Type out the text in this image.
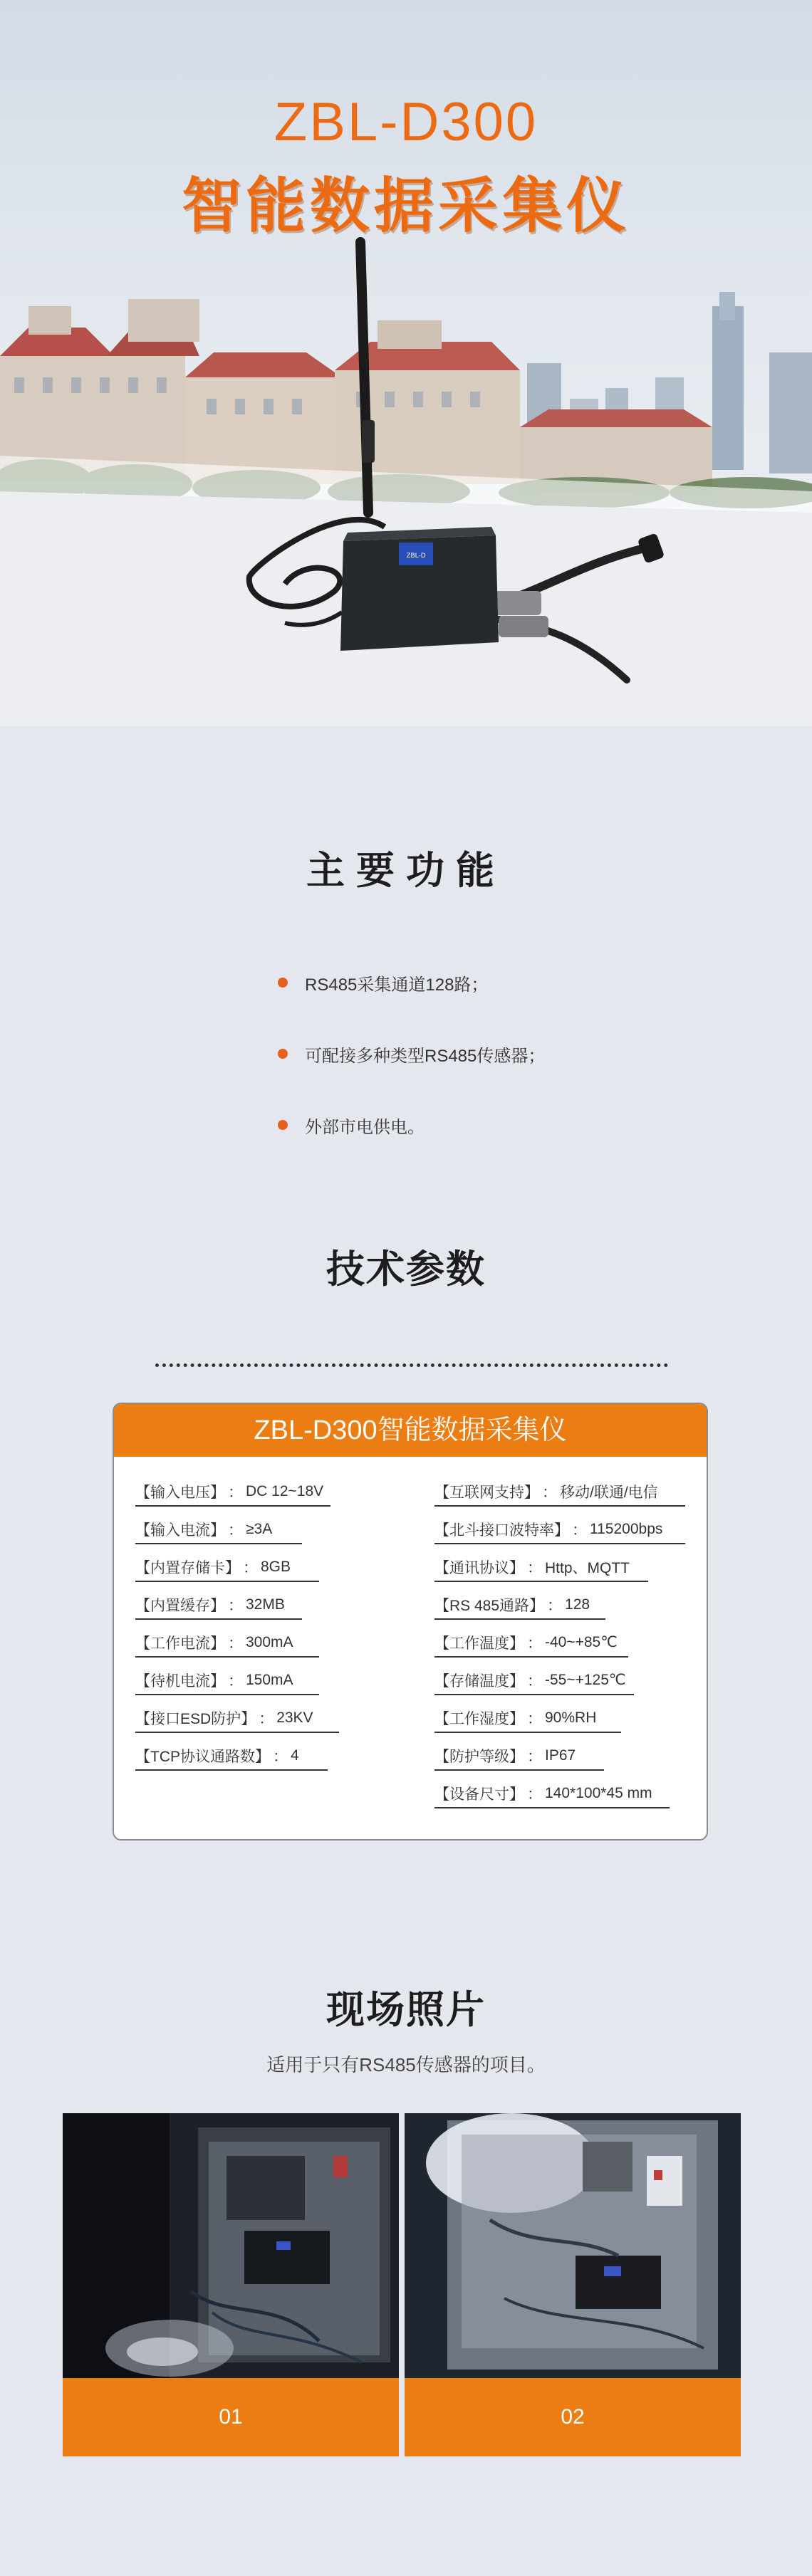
ZBL-D300
智能数据采集仪
ZBL-D
主要功能
RS485采集通道128路；
可配接多种类型RS485传感器；
外部市电供电。
技术参数
ZBL-D300智能数据采集仪
【输入电压】 ： DC 12~18V
【输入电流】 ： ≥3A
【内置存储卡】 ： 8GB
【内置缓存】 ： 32MB
【工作电流】 ： 300mA
【待机电流】 ： 150mA
【接口ESD防护】 ： 23KV
【TCP协议通路数】 ： 4
【互联网支持】 ： 移动/联通/电信
【北斗接口波特率】 ： 115200bps
【通讯协议】 ： Http、MQTT
【RS 485通路】 ： 128
【工作温度】 ： -40~+85℃
【存储温度】 ： -55~+125℃
【工作湿度】 ： 90%RH
【防护等级】 ： IP67
【设备尺寸】 ： 140*100*45 mm
现场照片
适用于只有RS485传感器的项目。
01	02
